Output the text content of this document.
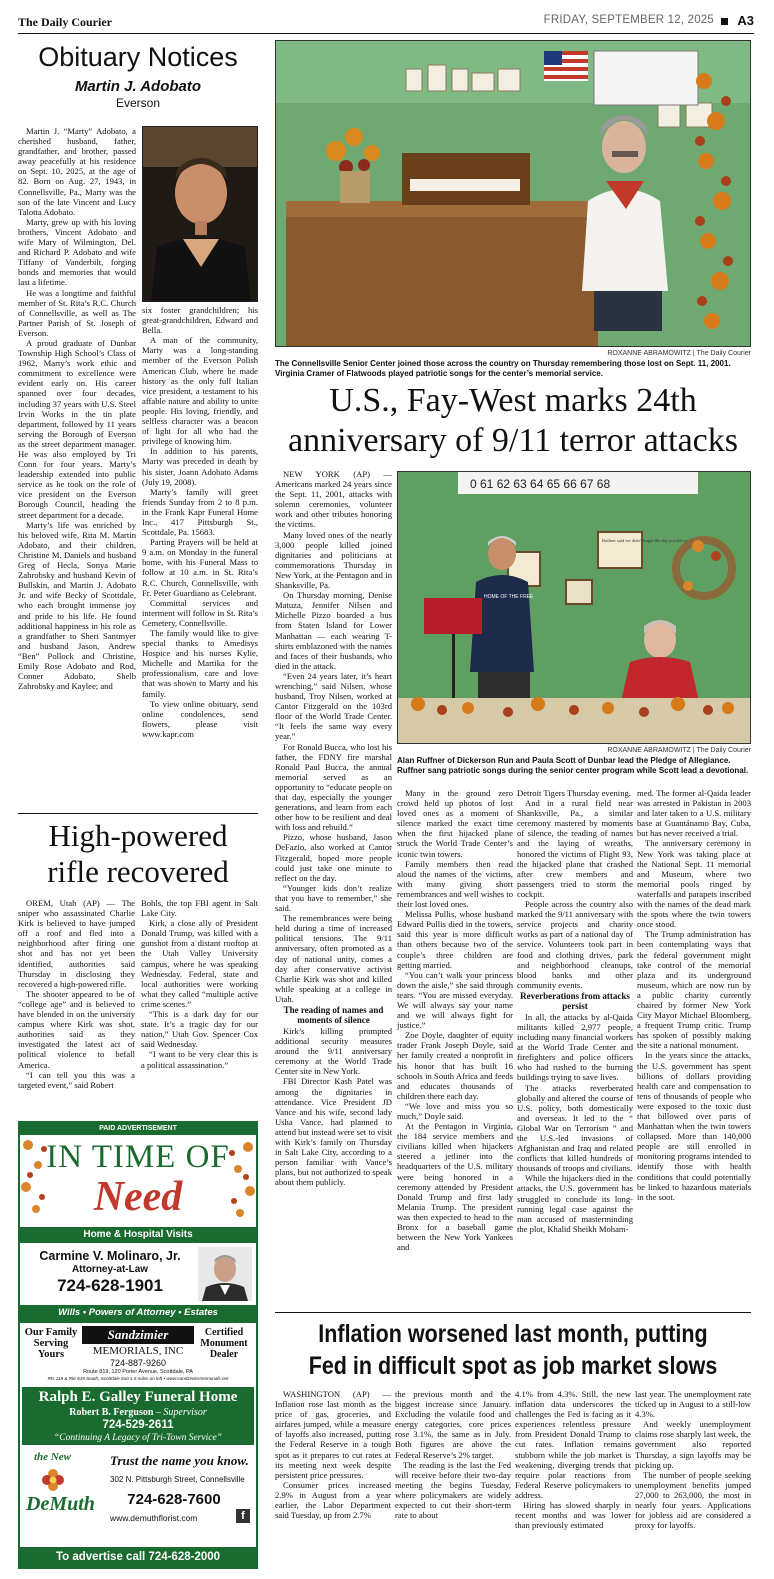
The Daily Courier	FRIDAY, SEPTEMBER 12, 2025 A3
Obituary Notices
Martin J. Adobato
Everson

Martin J. “Marty” Adobato, a cherished husband, father, grandfather, and brother, passed away peacefully at his residence on Sept. 10, 2025, at the age of 82. Born on Aug. 27, 1943, in Connellsville, Pa., Marty was the son of the late Vincent and Lucy Talotta Adobato.

Marty, grew up with his loving brothers, Vincent Adobato and wife Mary of Wilmington, Del. and Richard P. Adobato and wife Tiffany of Vanderbilt, forging bonds and memories that would last a lifetime.

He was a longtime and faithful member of St. Rita’s R.C. Church of Connellsville, as well as The Partner Parish of St. Joseph of Everson.

A proud graduate of Dunbar Township High School’s Class of 1962, Marty’s work ethic and commitment to excellence were evident early on. His career spanned over four decades, including 37 years with U.S. Steel Irvin Works in the tin plate department, followed by 11 years serving the Borough of Everson as the street department manager. He was also employed by Tri Conn for four years. Marty’s leadership extended into public service as he took on the role of vice president on the Everson Borough Council, heading the street department for a decade.

Marty’s life was enriched by his beloved wife, Rita M. Martin Adobato, and their children, Christine M. Daniels and husband Greg of Hecla, Sonya Marie Zahrobsky and husband Kevin of Bullskin, and Martin J. Adobato Jr. and wife Becky of Scottdale, who each brought immense joy and pride to his life. He found additional happiness in his role as a grandfather to Sheri Santmyer and husband Jason, Andrew “Ben” Pollock and Christine, Emily Rose Adobato and Rod, Conner Adobato, Shelb Zahrobsky and Kaylee; and

six foster grandchildren; his great-grandchildren, Edward and Bella.

A man of the community, Marty was a long-standing member of the Everson Polish American Club, where he made history as the only full Italian vice president, a testament to his affable nature and ability to unite people. His loving, friendly, and selfless character was a beacon of light for all who had the privilege of knowing him.

In addition to his parents, Marty was preceded in death by his sister, Joann Adobato Adams (July 19, 2008).

Marty’s family will greet friends Sunday from 2 to 8 p.m. in the Frank Kapr Funeral Home Inc., 417 Pittsburgh St., Scottdale, Pa. 15683.

Parting Prayers will be held at 9 a.m. on Monday in the funeral home, with his Funeral Mass to follow at 10 a.m. in St. Rita’s R.C. Church, Connellsville, with Fr. Peter Guardiano as Celebrant.

Committal services and interment will follow in St. Rita’s Cemetery, Connellsville.

The family would like to give special thanks to Amedisys Hospice and his nurses Kylie, Michelle and Martika for the professionalism, care and love that was shown to Marty and his family.

To view online obituary, send online condolences, send flowers, please visit www.kapr.com

High-powered rifle recovered

OREM, Utah (AP) — The sniper who assassinated Charlie Kirk is believed to have jumped off a roof and fled into a neighborhood after firing one shot and has not yet been identified, authorities said Thursday in disclosing they recovered a high-powered rifle.

The shooter appeared to be of “college age” and is believed to have blended in on the university campus where Kirk was shot, authorities said as they investigated the latest act of political violence to befall America.

“I can tell you this was a targeted event,” said Robert

Bohls, the top FBI agent in Salt Lake City.

Kirk, a close ally of President Donald Trump, was killed with a gunshot from a distant rooftop at the Utah Valley University campus, where he was speaking Wednesday. Federal, state and local authorities were working what they called “multiple active crime scenes.”

“This is a dark day for our state. It’s a tragic day for our nation,” Utah Gov. Spencer Cox said Wednesday.

“I want to be very clear this is a political assassination.”

PAID ADVERTISEMENT
IN TIME OF
Need
Home & Hospital Visits
Carmine V. Molinaro, Jr.
Attorney-at-Law
724-628-1901
Wills • Powers of Attorney • Estates
Our Family Serving Yours
Sandzimier
MEMORIALS, INC
724-887-9260
Certified Monument Dealer
Route 819, 120 Porter Avenue, Scottdale, PA
Rts 119 & Rte 819 South, Scottdale Exit 1.5 miles on left • www.sandzimiermemorials.net
Ralph E. Galley Funeral Home
Robert B. Ferguson – Supervisor
724-529-2611
“Continuing A Legacy of Tri-Town Service”
the New
DeMuth
Trust the name you know.
302 N. Pittsburgh Street, Connellsville
724-628-7600
www.demuthflorist.com	f
To advertise call 724-628-2000
ROXANNE ABRAMOWITZ | The Daily Courier
The Connellsville Senior Center joined those across the country on Thursday remembering those lost on Sept. 11, 2001. Virginia Cramer of Flatwoods played patriotic songs for the center’s memorial service.
U.S., Fay-West marks 24th anniversary of 9/11 terror attacks

NEW YORK (AP) — Americans marked 24 years since the Sept. 11, 2001, attacks with solemn ceremonies, volunteer work and other tributes honoring the victims.

Many loved ones of the nearly 3,000 people killed joined dignitaries and politicians at commemorations Thursday in New York, at the Pentagon and in Shanksville, Pa.

On Thursday morning, Denise Matuza, Jennifer Nilsen and Michelle Pizzo boarded a bus from Staten Island for Lower Manhattan — each wearing T-shirts emblazoned with the names and faces of their husbands, who died in the attack.

“Even 24 years later, it’s heart wrenching,” said Nilsen, whose husband, Troy Nilsen, worked at Cantor Fitzgerald on the 103rd floor of the World Trade Center. “It feels the same way every year.”

For Ronald Bucca, who lost his father, the FDNY fire marshal Ronald Paul Bucca, the annual memorial served as an opportunity to “educate people on that day, especially the younger generations, and learn from each other how to be resilient and deal with loss and rebuild.”

Pizzo, whose husband, Jason DeFazio, also worked at Cantor Fitzgerald, hoped more people could just take one minute to reflect on the day.

“Younger kids don’t realize that you have to remember,” she said.

The remembrances were being held during a time of increased political tensions. The 9/11 anniversary, often promoted as a day of national unity, comes a day after conservative activist Charlie Kirk was shot and killed while speaking at a college in Utah.

The reading of names and moments of silence

Kirk’s killing prompted additional security measures around the 9/11 anniversary ceremony at the World Trade Center site in New York.

FBI Director Kash Patel was among the dignitaries in attendance. Vice President JD Vance and his wife, second lady Usha Vance, had planned to attend but instead were set to visit with Kirk’s family on Thursday in Salt Lake City, according to a person familiar with Vance’s plans, but not authorized to speak about them publicly.

0 61 62 63 64 65 66 67 68
Ruffner said we didn't forget the day you left us
HOME OF THE FREE
ROXANNE ABRAMOWITZ | The Daily Courier
Alan Ruffner of Dickerson Run and Paula Scott of Dunbar lead the Pledge of Allegiance. Ruffner sang patriotic songs during the senior center program while Scott lead a devotional.

Many in the ground zero crowd held up photos of lost loved ones as a moment of silence marked the exact time when the first hijacked plane struck the World Trade Center’s iconic twin towers.

Family members then read aloud the names of the victims, with many giving short remembrances and well wishes to their lost loved ones.

Melissa Pullis, whose husband Edward Pullis died in the towers, said this year is more difficult than others because two of the couple’s three children are getting married.

“You can’t walk your princess down the aisle,” she said through tears. “You are missed everyday. We will always say your name and we will always fight for justice.”

Zoe Doyle, daughter of equity trader Frank Joseph Doyle, said her family created a nonprofit in his honor that has built 16 schools in South Africa and feeds and educates thousands of children there each day.

“We love and miss you so much,” Doyle said.

At the Pentagon in Virginia, the 184 service members and civilians killed when hijackers steered a jetliner into the headquarters of the U.S. military were being honored in a ceremony attended by President Donald Trump and first lady Melania Trump. The president was then expected to head to the Bronx for a baseball game between the New York Yankees and

Detroit Tigers Thursday evening.

And in a rural field near Shanksville, Pa., a similar ceremony mastered by moments of silence, the reading of names and the laying of wreaths, honored the victims of Flight 93, the hijacked plane that crashed after crew members and passengers tried to storm the cockpit.

People across the country also marked the 9/11 anniversary with service projects and charity works as part of a national day of service. Volunteers took part in food and clothing drives, park and neighborhood cleanups, blood banks and other community events.

Reverberations from attacks persist

In all, the attacks by al-Qaida militants killed 2,977 people, including many financial workers at the World Trade Center and firefighters and police officers who had rushed to the burning buildings trying to save lives.

The attacks reverberated globally and altered the course of U.S. policy, both domestically and overseas. It led to the “ Global War on Terrorism ” and the U.S.-led invasions of Afghanistan and Iraq and related conflicts that killed hundreds of thousands of troops and civilians.

While the hijackers died in the attacks, the U.S. government has struggled to conclude its long-running legal case against the man accused of masterminding the plot, Khalid Sheikh Moham-

med. The former al-Qaida leader was arrested in Pakistan in 2003 and later taken to a U.S. military base at Guantánamo Bay, Cuba, but has never received a trial.

The anniversary ceremony in New York was taking place at the National Sept. 11 memorial and Museum, where two memorial pools ringed by waterfalls and parapets inscribed with the names of the dead mark the spots where the twin towers once stood.

The Trump administration has been contemplating ways that the federal government might take control of the memorial plaza and its underground museum, which are now run by a public charity currently chaired by former New York City Mayor Michael Bloomberg, a frequent Trump critic. Trump has spoken of possibly making the site a national monument.

In the years since the attacks, the U.S. government has spent billions of dollars providing health care and compensation to tens of thousands of people who were exposed to the toxic dust that billowed over parts of Manhattan when the twin towers collapsed. More than 140,000 people are still enrolled in monitoring programs intended to identify those with health conditions that could potentially be linked to hazardous materials in the soot.

Inflation worsened last month, putting Fed in difficult spot as job market slows

WASHINGTON (AP) — Inflation rose last month as the price of gas, groceries, and airfares jumped, while a measure of layoffs also increased, putting the Federal Reserve in a tough spot as it prepares to cut rates at its meeting next week despite persistent price pressures.

Consumer prices increased 2.9% in August from a year earlier, the Labor Department said Tuesday, up from 2.7%

the previous month and the biggest increase since January. Excluding the volatile food and energy categories, core prices rose 3.1%, the same as in July. Both figures are above the Federal Reserve’s 2% target.

The reading is the last the Fed will receive before their two-day meeting the begins Tuesday, where policymakers are widely expected to cut their short-term rate to about

4.1% from 4.3%. Still, the new inflation data underscores the challenges the Fed is facing as it experiences relentless pressure from President Donald Trump to cut rates. Inflation remains stubborn while the job market is weakening, diverging trends that require polar reactions from Federal Reserve policymakers to address.

Hiring has slowed sharply in recent months and was lower than previously estimated

last year. The unemployment rate ticked up in August to a still-low 4.3%.

And weekly unemployment claims rose sharply last week, the government also reported Thursday, a sign layoffs may be picking up.

The number of people seeking unemployment benefits jumped 27,000 to 263,000, the most in nearly four years. Applications for jobless aid are considered a proxy for layoffs.
